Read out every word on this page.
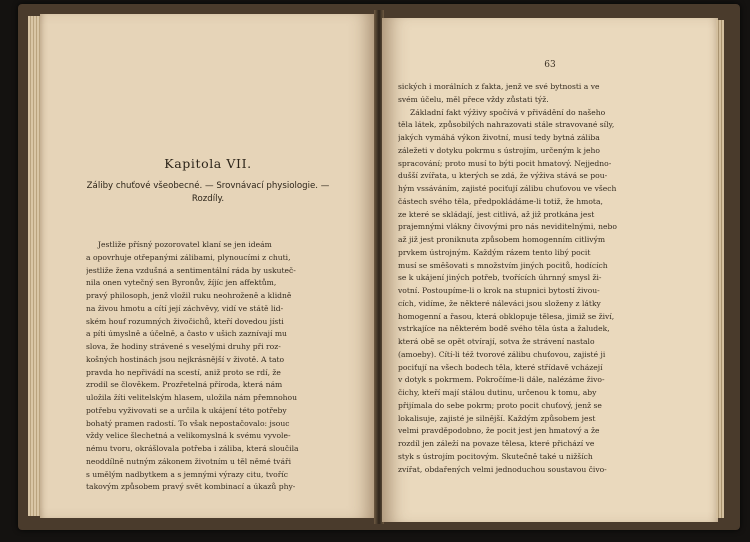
Kapitola VII.
Záliby chuťové všeobecné. — Srovnávací physiologie. —
Rozdíly.
Jestliže přísný pozorovatel klaní se jen ideám
a opovrhuje otřepanými zálibami, plynoucími z chuti,
jestliže žena vzdušná a sentimentální ráda by uskuteč-
nila onen vytečný sen Byronův, žíjíc jen affektům,
pravý philosoph, jenž vložil ruku neohroženě a klidně
na živou hmotu a cítí její záchvěvy, vidí ve státě lid-
ském houf rozumných živočichů, kteří dovedou jísti
a píti úmyslně a účelně, a často v ušich zaznívají mu
slova, že hodiny strávené s veselými druhy při roz-
košných hostinách jsou nejkrásnější v životě. A tato
pravda ho nepřivádí na scestí, aniž proto se rdí, že
zrodil se člověkem. Prozřetelná příroda, která nám
uložila žíti velitelským hlasem, uložila nám přemnohou
potřebu vyživovati se a určila k ukájení této potřeby
bohatý pramen radostí. To však nepostačovalo: jsouc
vždy velice šlechetná a velikomyslná k svému vyvole-
nému tvoru, okrášlovala potřeba i záliba, která sloučila
neoddílně nutným zákonem životním u těl němé tváři
s umělým nadbytkem a s jemnými výrazy citu, tvoříc
takovým způsobem pravý svět kombinací a úkazů phy-
63
sických i morálních z fakta, jenž ve své bytnosti a ve
svém účelu, měl přece vždy zůstati týž.
Základní fakt výživy spočívá v přivádění do našeho
těla látek, způsobilých nahrazovati stále stravované síly,
jakých vymáhá výkon životní, musí tedy bytná záliba
záležeti v dotyku pokrmu s ústrojím, určeným k jeho
spracování; proto musí to býti pocit hmatový. Nejjedno-
dušší zvířata, u kterých se zdá, že výživa stává se pou-
hým vssáváním, zajisté pociťují zálibu chuťovou ve všech
částech svého těla, předpokládáme-li totiž, že hmota,
ze které se skládají, jest citlivá, až již protkána jest
prajemnými vlákny čivovými pro nás neviditelnými, nebo
až již jest proniknuta způsobem homogenním citlivým
prvkem ústrojným. Každým rázem tento libý pocit
musí se směšovati s množstvím jiných pocitů, hodících
se k ukájení jiných potřeb, tvořících úhrnný smysl ži-
votní. Postoupíme-li o krok na stupnici bytostí živou-
cích, vidíme, že některé náleváci jsou složeny z látky
homogenní a řasou, která obklopuje tělesa, jimiž se živí,
vstrkajíce na některém bodě svého těla ústa a žaludek,
která obě se opět otvírají, sotva že strávení nastalo
(amoeby). Cítí-li též tvorové zálibu chuťovou, zajisté ji
pociťují na všech bodech těla, které střídavě vcházejí
v dotyk s pokrmem. Pokročíme-li dále, nalézáme živo-
čichy, kteří mají stálou dutinu, určenou k tomu, aby
přijímala do sebe pokrm; proto pocit chuťový, jenž se
lokalisuje, zajisté je silnější. Každým způsobem jest
velmi pravděpodobno, že pocit jest jen hmatový a že
rozdíl jen záleží na povaze tělesa, které přichází ve
styk s ústrojím pocitovým. Skutečně také u nižších
zvířat, obdařených velmi jednoduchou soustavou čivo-
